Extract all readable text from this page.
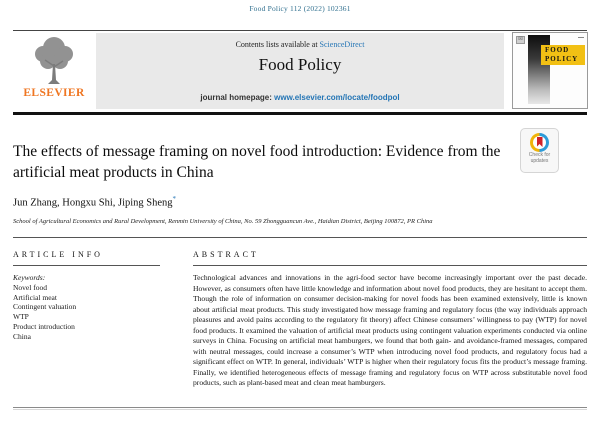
Food Policy 112 (2022) 102361
ELSEVIER
Contents lists available at ScienceDirect
Food Policy
journal homepage: www.elsevier.com/locate/foodpol
☒
FOOD
POLICY
The effects of message framing on novel food introduction: Evidence from the artificial meat products in China
Check for updates
Jun Zhang, Hongxu Shi, Jiping Sheng*
School of Agricultural Economics and Rural Development, Renmin University of China, No. 59 Zhongguancun Ave., Haidian District, Beijing 100872, PR China
ARTICLE INFO
Keywords:
Novel food
Artificial meat
Contingent valuation
WTP
Product introduction
China
ABSTRACT
Technological advances and innovations in the agri-food sector have become increasingly important over the past decade. However, as consumers often have little knowledge and information about novel food products, they are hesitant to accept them. Though the role of information on consumer decision-making for novel foods has been examined extensively, little is known about artificial meat products. This study investigated how message framing and regulatory focus (the way individuals approach pleasures and avoid pains according to the regulatory fit theory) affect Chinese consumers’ willingness to pay (WTP) for novel food products. It examined the valuation of artificial meat products using contingent valuation experiments conducted via online surveys in China. Focusing on artificial meat hamburgers, we found that both gain- and avoidance-framed messages, compared with neutral messages, could increase a consumer’s WTP when introducing novel food products, and regulatory focus had a significant effect on WTP. In general, individuals’ WTP is higher when their regulatory focus fits the product’s message framing. Finally, we identified heterogeneous effects of message framing and regulatory focus on WTP across substitutable novel food products, such as plant-based meat and clean meat hamburgers.
